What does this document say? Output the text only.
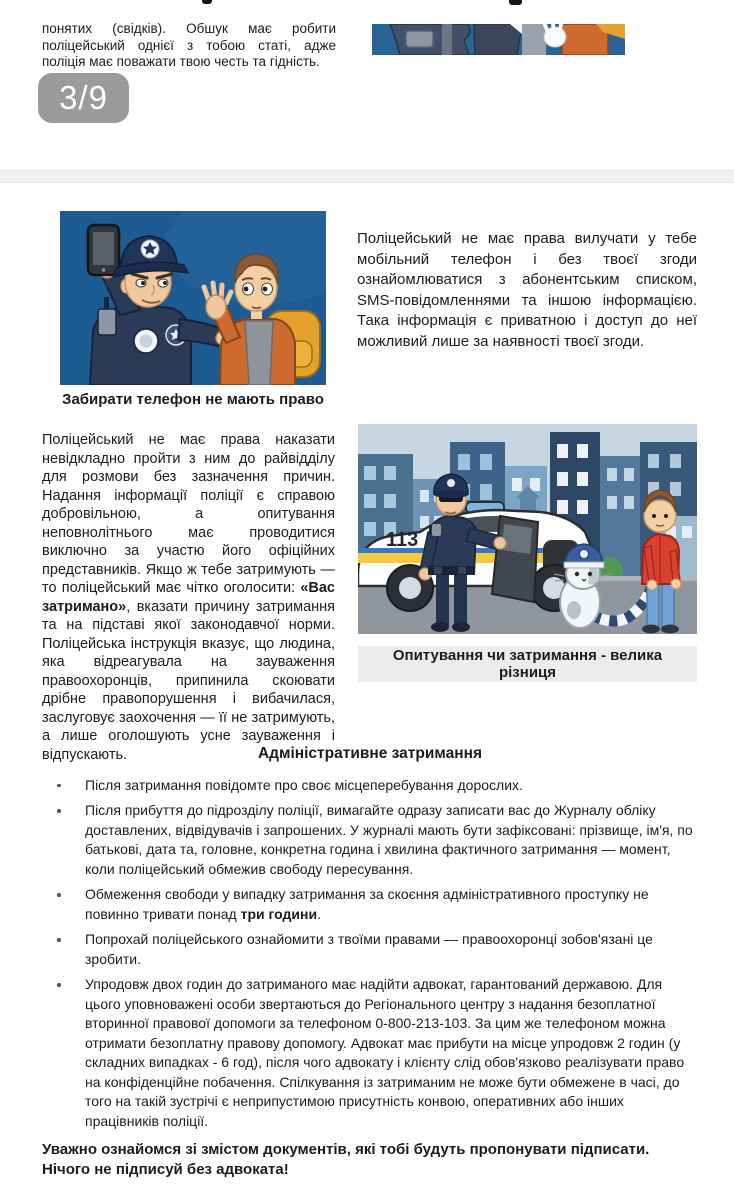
понятих (свідків). Обшук має робити поліцейський однієї з тобою статі, адже поліція має поважати твою честь та гідність.
3/9
Забирати телефон не мають право
Поліцейський не має права вилучати у тебе мобільний телефон і без твоєї згоди ознайомлюватися з абонентським списком, SMS-повідомленнями та іншою інформацією. Така інформація є приватною і доступ до неї можливий лише за наявності твоєї згоди.
Поліцейський не має права наказати невідкладно пройти з ним до райвідділу для розмови без зазначення причин. Надання інформації поліції є справою добровільною, а опитування неповнолітнього має проводитися виключно за участю його офіційних представників. Якщо ж тебе затримують — то поліцейський має чітко оголосити: «Вас затримано», вказати причину затримання та на підставі якої законодавчої норми. Поліцейська інструкція вказує, що людина, яка відреагувала на зауваження правоохоронців, припинила скоювати дрібне правопорушення і вибачилася, заслуговує заохочення — її не затримують, а лише оголошують усне зауваження і відпускають.
113
Опитування чи затримання - велика різниця
Адміністративне затримання
Після затримання повідомте про своє місцеперебування дорослих.
Після прибуття до підрозділу поліції, вимагайте одразу записати вас до Журналу обліку доставлених, відвідувачів і запрошених. У журналі мають бути зафіксовані: прізвище, ім'я, по батькові, дата та, головне, конкретна година і хвилина фактичного затримання — момент, коли поліцейський обмежив свободу пересування.
Обмеження свободи у випадку затримання за скоєння адміністративного проступку не повинно тривати понад три години.
Попрохай поліцейського ознайомити з твоїми правами — правоохоронці зобов'язані це зробити.
Упродовж двох годин до затриманого має надійти адвокат, гарантований державою. Для цього уповноважені особи звертаються до Регіонального центру з надання безоплатної вторинної правової допомоги за телефоном 0-800-213-103. За цим же телефоном можна отримати безоплатну правову допомогу. Адвокат має прибути на місце упродовж 2 годин (у складних випадках - 6 год), після чого адвокату і клієнту слід обов'язково реалізувати право на конфіденційне побачення. Спілкування із затриманим не може бути обмежене в часі, до того на такій зустрічі є неприпустимою присутність конвою, оперативних або інших працівників поліції.
Уважно ознайомся зі змістом документів, які тобі будуть пропонувати підписати. Нічого не підписуй без адвоката!
